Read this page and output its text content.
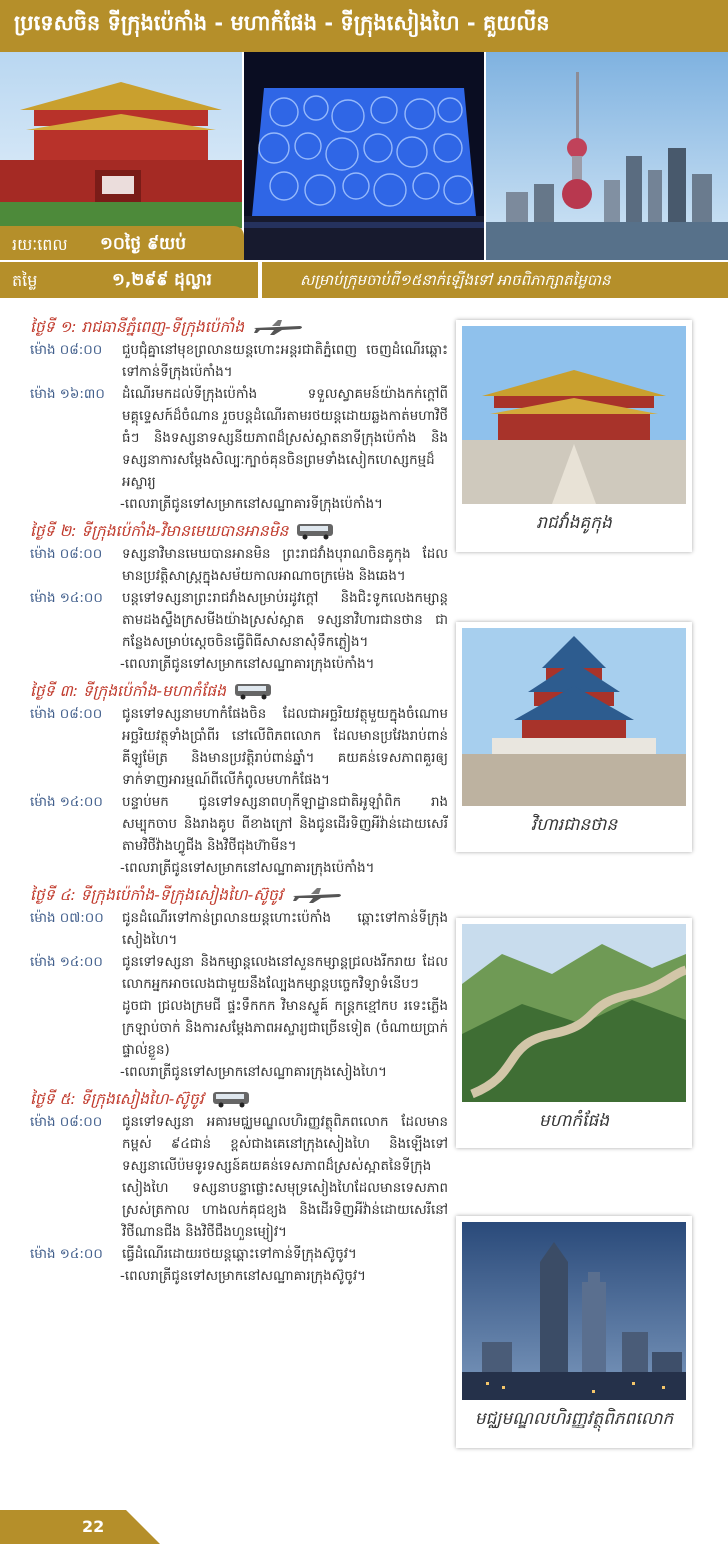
ប្រទេសចិន ទីក្រុងប៉េកាំង - មហាកំផែង - ទីក្រុងសៀងហៃ - គួយលីន
រយៈពេល ១០ថ្ងៃ ៩យប់
តម្លៃ	១,២៩៩ ដុល្លារ	សម្រាប់ក្រុមចាប់ពី១៥នាក់ឡើងទៅ អាចពិភាក្សាតម្លៃបាន
ថ្ងៃទី ១: រាជធានីភ្នំពេញ-ទីក្រុងប៉េកាំង
ម៉ោង ០៨:០០	ជួបជុំគ្នានៅមុខព្រលានយន្តហោះអន្តរជាតិភ្នំពេញ ចេញដំណើរឆ្ពោះទៅកាន់ទីក្រុងប៉េកាំង។
ម៉ោង ១៦:៣០	ដំណើរមកដល់ទីក្រុងប៉េកាំង ទទួលស្វាគមន៍យ៉ាងកក់ក្តៅពីមគ្គុទ្ទេសក៍ដ៏ចំណាន រួចបន្តដំណើរតាមរថយន្តដោយឆ្លងកាត់មហាវិថីធំៗ និងទស្សនាទស្សនីយភាពដ៏ស្រស់ស្អាតនាទីក្រុងប៉េកាំង និងទស្សនាការសម្តែងសិល្បៈក្បាច់គុនចិនព្រមទាំងសៀកហេស្សកម្មដ៏អស្ចារ្យ
-ពេលរាត្រីជូនទៅសម្រាកនៅសណ្ឋាគារទីក្រុងប៉េកាំង។
ថ្ងៃទី ២: ទីក្រុងប៉េកាំង-វិមានមេឃបានអានមិន
ម៉ោង ០៨:០០	ទស្សនាវិមានមេឃបានអានមិន ព្រះរាជវាំងបុរាណចិនគូកុង ដែលមានប្រវត្តិសាស្ត្រក្នុងសម័យកាលអាណាចក្រម៉េង និងឆេង។
ម៉ោង ១៤:០០	បន្តទៅទស្សនាព្រះរាជវាំងសម្រាប់រដូវក្តៅ និងជិះទូកលេងកម្សាន្តតាមដងស្ទឹងក្រសមីងយ៉ាងស្រស់ស្អាត ទស្សនាវិហារជានថាន ជាកន្លែងសម្រាប់ស្តេចចិនធ្វើពិធីសាសនាសុំទឹកភ្លៀង។
-ពេលរាត្រីជូនទៅសម្រាកនៅសណ្ឋាគារក្រុងប៉េកាំង។
ថ្ងៃទី ៣: ទីក្រុងប៉េកាំង-មហាកំផែង
ម៉ោង ០៨:០០	ជូនទៅទស្សនាមហាកំផែងចិន ដែលជាអច្ឆរិយវត្ថុមួយក្នុងចំណោមអច្ឆរិយវត្ថុទាំងប្រាំពីរ នៅលើពិភពលោក ដែលមានប្រវែងរាប់ពាន់គីឡូម៉ែត្រ និងមានប្រវត្តិរាប់ពាន់ឆ្នាំ។ គយគន់ទេសភាពគួរឲ្យទាក់ទាញអារម្មណ៍ពីលើកំពូលមហាកំផែង។
ម៉ោង ១៤:០០	បន្ទាប់មក ជូនទៅទស្សនាពហុកីឡាដ្ឋានជាតិអូឡាំពិក រាងសម្បុកចាប និងរាងគូប ពីខាងក្រៅ និងជូនដើរទិញអីវ៉ាន់ដោយសេរីតាមវិថីវ៉ាងហ្វូជីង និងវិថីជុងហ៊ាមីន។
-ពេលរាត្រីជូនទៅសម្រាកនៅសណ្ឋាគារក្រុងប៉េកាំង។
ថ្ងៃទី ៤: ទីក្រុងប៉េកាំង-ទីក្រុងសៀងហៃ-ស៊ូចូវ
ម៉ោង ០៧:០០	ជូនដំណើរទៅកាន់ព្រលានយន្តហោះប៉េកាំង ឆ្ពោះទៅកាន់ទីក្រុងសៀងហៃ។
ម៉ោង ១៤:០០	ជូនទៅទស្សនា និងកម្សាន្តលេងនៅសួនកម្សាន្តជ្រលងរីករាយ ដែលលោកអ្នកអាចលេងជាមួយនឹងល្បែងកម្សាន្តបច្ចេកវិទ្យាទំនើបៗដូចជា ជ្រលងក្រមជី ផ្ទះទឹកកក វិមានស្ទូគ៍ កន្ត្រកខ្មៅកប រទេះភ្លើងក្រឡាប់ចាក់ និងការសម្តែងភាពអស្ចារ្យជាច្រើនទៀត (ចំណាយប្រាក់ផ្ទាល់ខ្លួន)
-ពេលរាត្រីជូនទៅសម្រាកនៅសណ្ឋាគារក្រុងសៀងហៃ។
ថ្ងៃទី ៥: ទីក្រុងសៀងហៃ-ស៊ូចូវ
ម៉ោង ០៨:០០	ជូនទៅទស្សនា អគារមជ្ឈមណ្ឌលហិរញ្ញវត្ថុពិភពលោក ដែលមានកម្ពស់ ៩៤ជាន់ ខ្ពស់ជាងគេនៅក្រុងសៀងហៃ និងឡើងទៅទស្សនាលើប៉មទូរទស្សន៍គយគន់ទេសភាពដ៏ស្រស់ស្អាតនៃទីក្រុងសៀងហៃ ទស្សនាបន្ទាផ្លោះសមុទ្រសៀងហៃដែលមានទេសភាពស្រស់ត្រកាល ហាងលក់គុជខ្យង និងដើរទិញអីវ៉ាន់ដោយសេរីនៅវិថីណានជីង និងវិថីជឹងហួនម្យៀវ។
ម៉ោង ១៤:០០	ធ្វើដំណើរដោយរថយន្តឆ្ពោះទៅកាន់ទីក្រុងស៊ូចូវ។
-ពេលរាត្រីជូនទៅសម្រាកនៅសណ្ឋាគារក្រុងស៊ូចូវ។
រាជវាំងគូកុង
វិហារជានថាន
មហាកំផែង
មជ្ឈមណ្ឌលហិរញ្ញវត្ថុពិភពលោក
22
